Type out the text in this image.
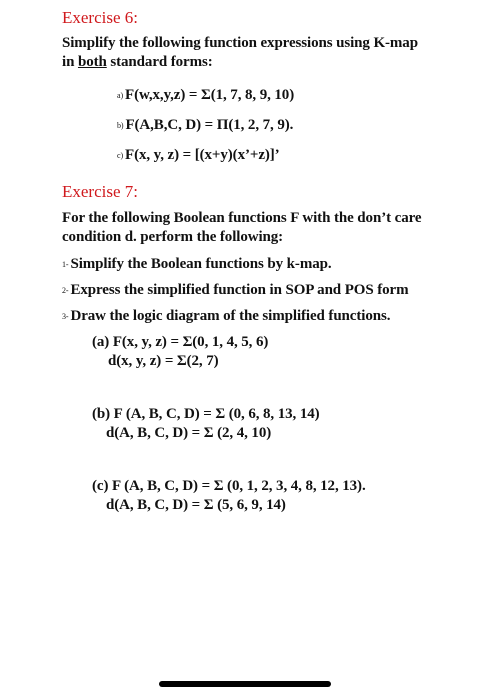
Exercise 6:
Simplify the following function expressions using K-map
in both standard forms:
a) F(w,x,y,z) = Σ(1, 7, 8, 9, 10)
b) F(A,B,C, D) = Π(1, 2, 7, 9).
c) F(x, y, z) = [(x+y)(x’+z)]’
Exercise 7:
For the following Boolean functions F with the don’t care
condition d. perform the following:
1- Simplify the Boolean functions by k-map.
2- Express the simplified function in SOP and POS form
3- Draw the logic diagram of the simplified functions.
(a) F(x, y, z) = Σ(0, 1, 4, 5, 6)
d(x, y, z) = Σ(2, 7)
(b) F (A, B, C, D) = Σ (0, 6, 8, 13, 14)
d(A, B, C, D) = Σ (2, 4, 10)
(c) F (A, B, C, D) = Σ (0, 1, 2, 3, 4, 8, 12, 13).
d(A, B, C, D) = Σ (5, 6, 9, 14)
